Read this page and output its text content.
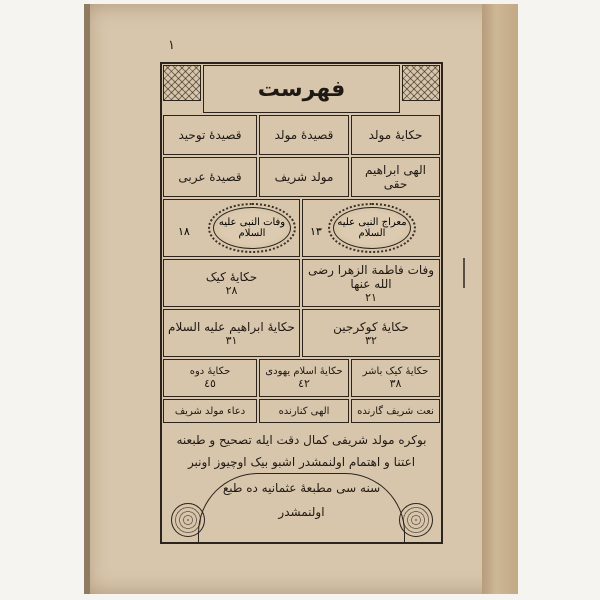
١
فهرست
حکایهٔ مولد
قصیدهٔ مولد
قصیدهٔ توحید
الهی ابراهیم حقی
مولد شریف
قصیدهٔ عربی
معراج النبی علیه السلام
١٣
وفات النبی علیه السلام
١٨
وفات فاطمة الزهرا رضی الله عنها
٢١
حکایهٔ کیک
٢٨
حکایهٔ کوکرجین
٣٢
حکایهٔ ابراهیم علیه السلام
٣١
حکایهٔ کیک باشر
٣٨
حکایهٔ اسلام یهودی
٤٢
حکایهٔ دوه
٤٥
نعت شریف گارنده
الهی کنارنده
دعاء مولد شریف
بوکره مولد شریفی کمال دقت ایله تصحیح و طبعنه
اعتنا و اهتمام اولنمشدر اشبو بیک اوچیوز اونبر
سنه سی مطبعهٔ عثمانیه ده طبع
اولنمشدر
